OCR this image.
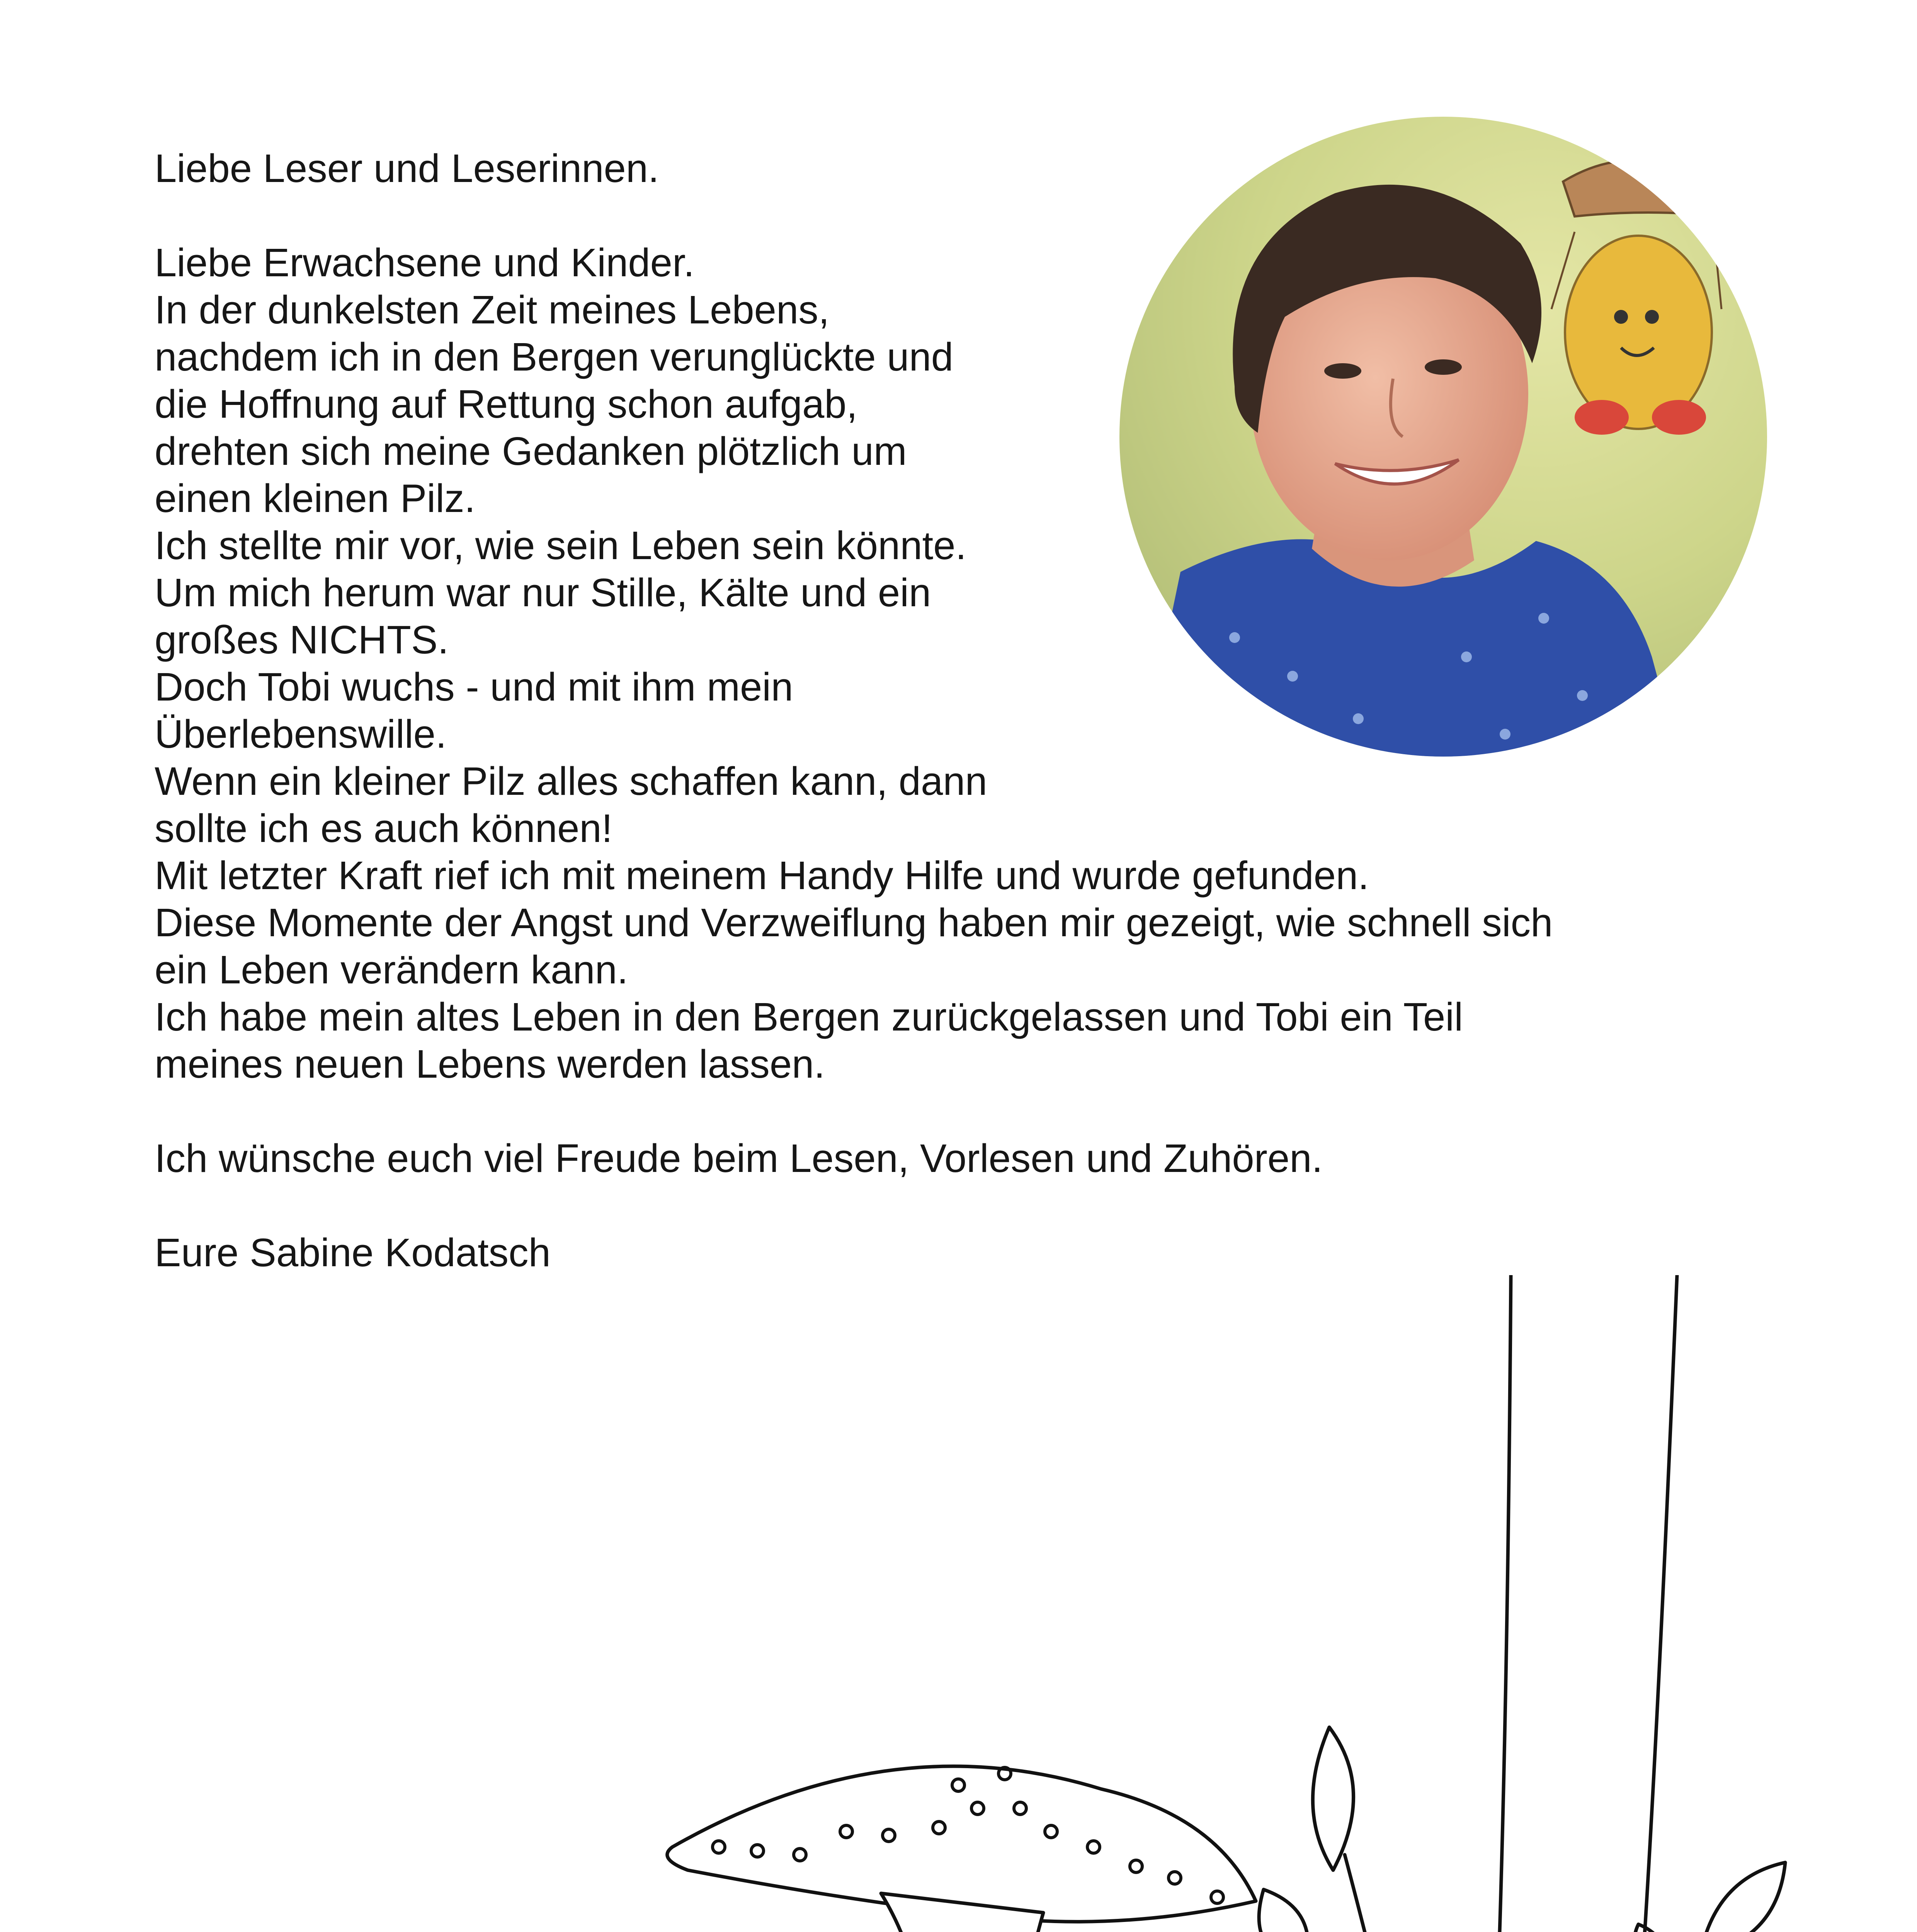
Liebe Leser und Leserinnen.
Liebe Erwachsene und Kinder.
In der dunkelsten Zeit meines Lebens,
nachdem ich in den Bergen verunglückte und
die Hoffnung auf Rettung schon aufgab,
drehten sich meine Gedanken plötzlich um
einen kleinen Pilz.
Ich stellte mir vor, wie sein Leben sein könnte.
Um mich herum war nur Stille, Kälte und ein
großes NICHTS.
Doch Tobi wuchs - und mit ihm mein
Überlebenswille.
Wenn ein kleiner Pilz alles schaffen kann, dann
sollte ich es auch können!
Mit letzter Kraft rief ich mit meinem Handy Hilfe und wurde gefunden.
Diese Momente der Angst und Verzweiflung haben mir gezeigt, wie schnell sich
ein Leben verändern kann.
Ich habe mein altes Leben in den Bergen zurückgelassen und Tobi ein Teil
meines neuen Lebens werden lassen.
Ich wünsche euch viel Freude beim Lesen, Vorlesen und Zuhören.
Eure Sabine Kodatsch
